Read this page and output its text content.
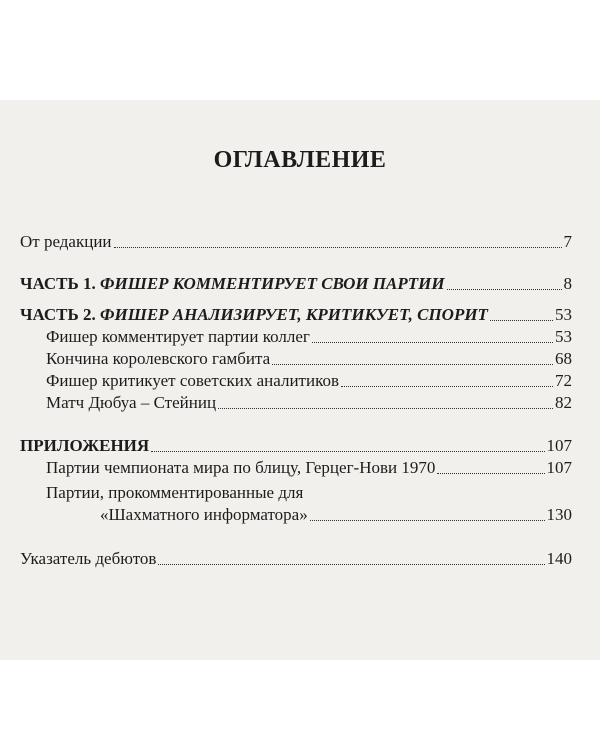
ОГЛАВЛЕНИЕ
От редакции	7
ЧАСТЬ 1. ФИШЕР КОММЕНТИРУЕТ СВОИ ПАРТИИ	8
ЧАСТЬ 2. ФИШЕР АНАЛИЗИРУЕТ, КРИТИКУЕТ, СПОРИТ	53
Фишер комментирует партии коллег	53
Кончина королевского гамбита	68
Фишер критикует советских аналитиков	72
Матч Дюбуа – Стейниц	82
ПРИЛОЖЕНИЯ	107
Партии чемпионата мира по блицу, Герцег-Нови 1970	107
Партии, прокомментированные для
«Шахматного информатора»	130
Указатель дебютов	140
